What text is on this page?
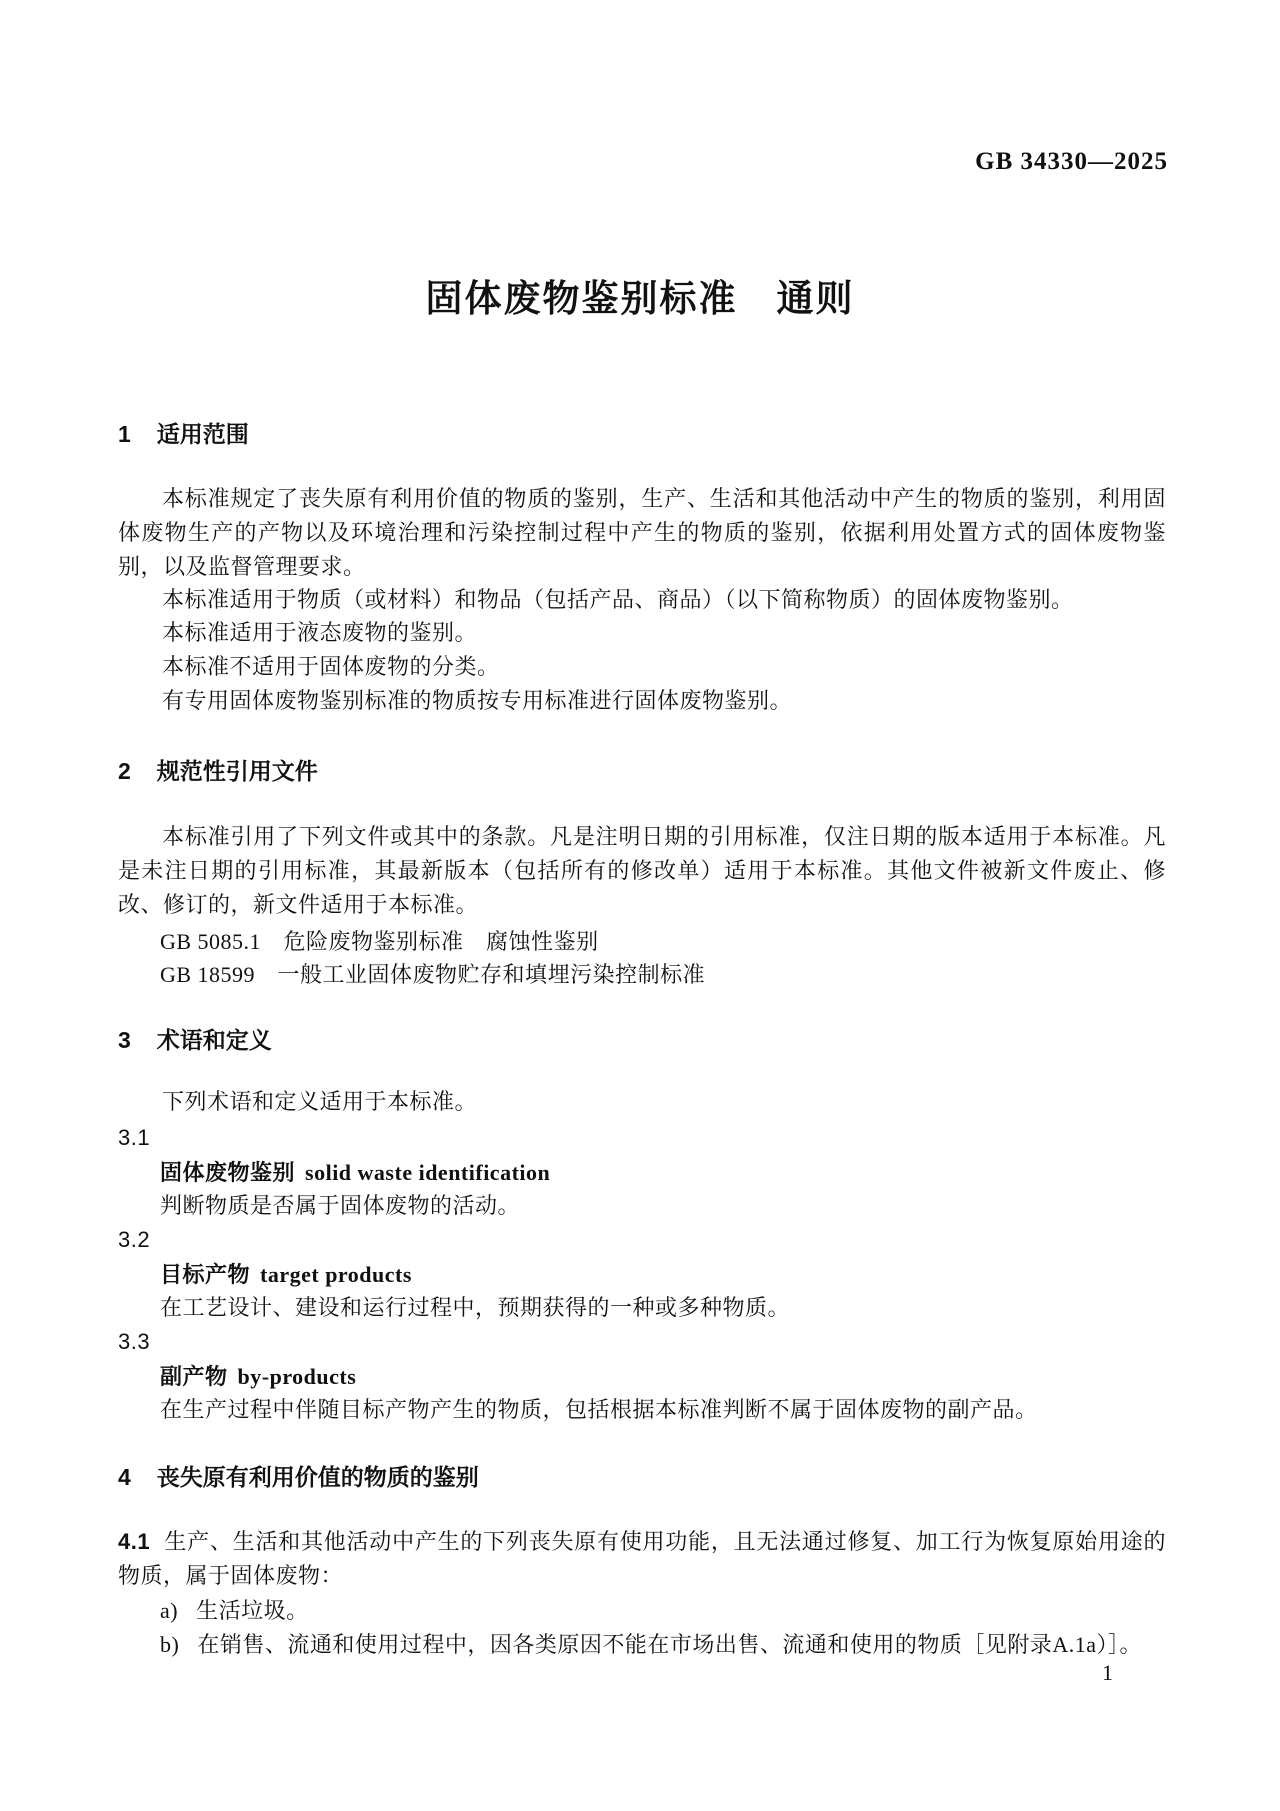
GB 34330—2025
固体废物鉴别标准　通则
1 适用范围
本标准规定了丧失原有利用价值的物质的鉴别，生产、生活和其他活动中产生的物质的鉴别，利用固体废物生产的产物以及环境治理和污染控制过程中产生的物质的鉴别，依据利用处置方式的固体废物鉴别，以及监督管理要求。
本标准适用于物质（或材料）和物品（包括产品、商品）（以下简称物质）的固体废物鉴别。
本标准适用于液态废物的鉴别。
本标准不适用于固体废物的分类。
有专用固体废物鉴别标准的物质按专用标准进行固体废物鉴别。
2 规范性引用文件
本标准引用了下列文件或其中的条款。凡是注明日期的引用标准，仅注日期的版本适用于本标准。凡是未注日期的引用标准，其最新版本（包括所有的修改单）适用于本标准。其他文件被新文件废止、修改、修订的，新文件适用于本标准。
GB 5085.1　危险废物鉴别标准　腐蚀性鉴别
GB 18599　一般工业固体废物贮存和填埋污染控制标准
3 术语和定义
下列术语和定义适用于本标准。
3.1
固体废物鉴别 solid waste identification
判断物质是否属于固体废物的活动。
3.2
目标产物 target products
在工艺设计、建设和运行过程中，预期获得的一种或多种物质。
3.3
副产物 by-products
在生产过程中伴随目标产物产生的物质，包括根据本标准判断不属于固体废物的副产品。
4 丧失原有利用价值的物质的鉴别
4.1 生产、生活和其他活动中产生的下列丧失原有使用功能，且无法通过修复、加工行为恢复原始用途的物质，属于固体废物：
a) 生活垃圾。
b) 在销售、流通和使用过程中，因各类原因不能在市场出售、流通和使用的物质［见附录A.1a）］。
1
